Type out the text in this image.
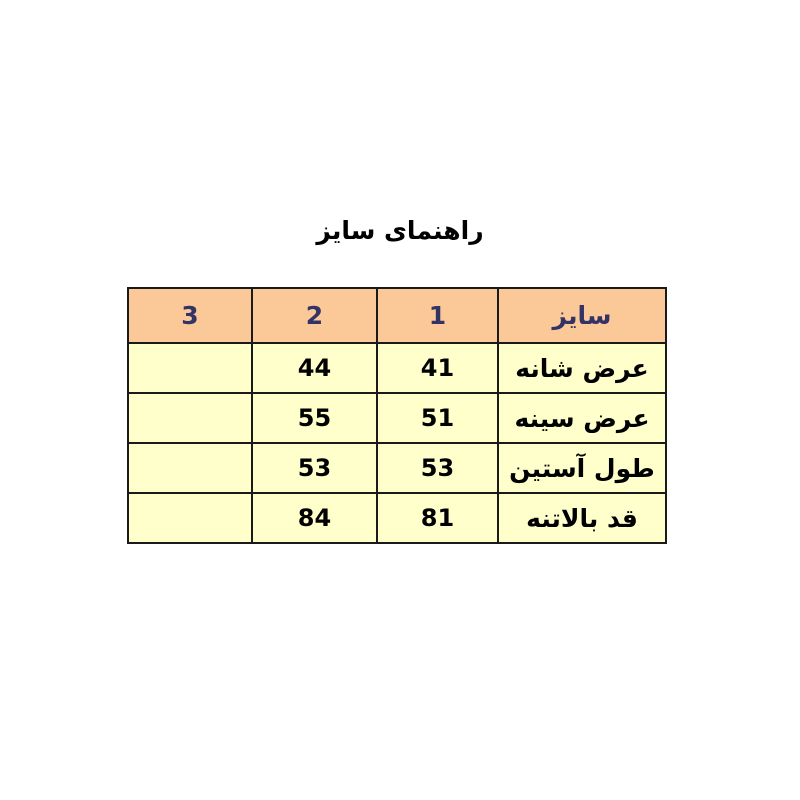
راهنمای سایز
سایز	1	2	3
عرض شانه	41	44	
عرض سینه	51	55	
طول آستین	53	53	
قد بالاتنه	81	84	
